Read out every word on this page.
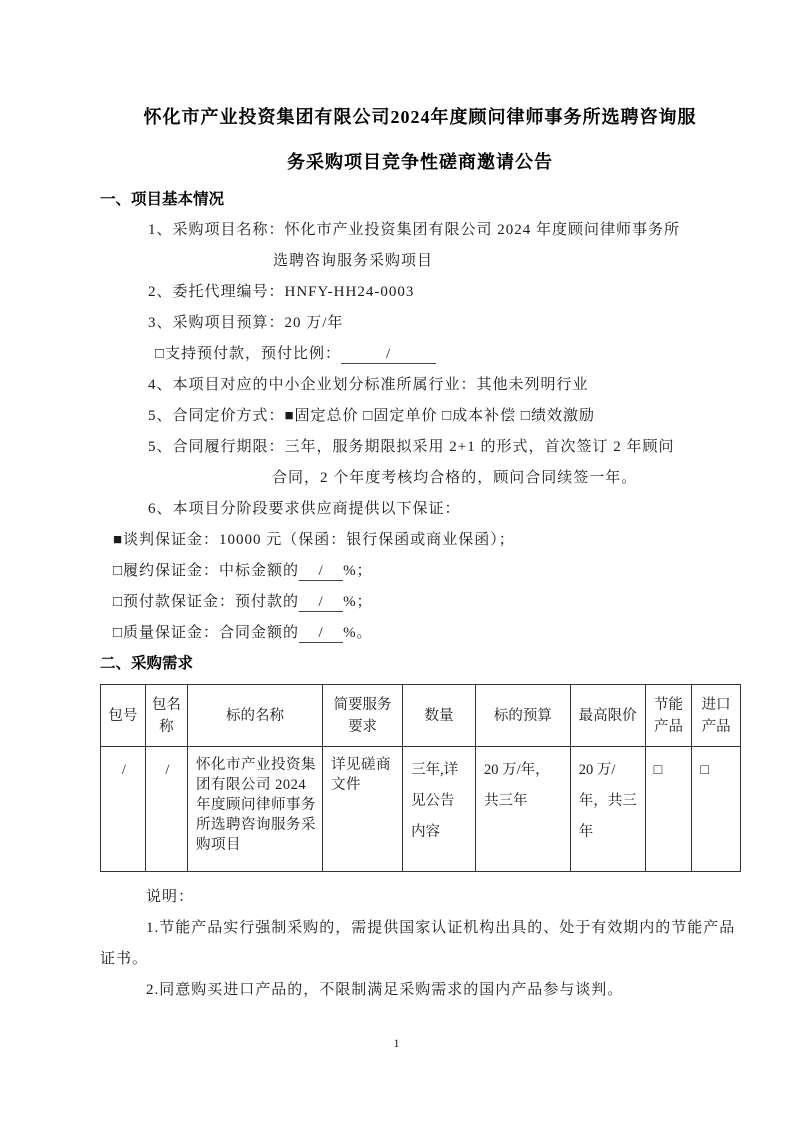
怀化市产业投资集团有限公司2024年度顾问律师事务所选聘咨询服
务采购项目竞争性磋商邀请公告
一、项目基本情况
1、采购项目名称：怀化市产业投资集团有限公司 2024 年度顾问律师事务所
选聘咨询服务采购项目
2、委托代理编号：HNFY-HH24-0003
3、采购项目预算：20 万/年
□支持预付款，预付比例：	/
4、本项目对应的中小企业划分标准所属行业：其他未列明行业
5、合同定价方式：■固定总价 □固定单价 □成本补偿 □绩效激励
5、合同履行期限：三年，服务期限拟采用 2+1 的形式，首次签订 2 年顾问
合同，2 个年度考核均合格的，顾问合同续签一年。
6、本项目分阶段要求供应商提供以下保证：
■谈判保证金：10000 元（保函：银行保函或商业保函）；
□履约保证金：中标金额的 / %；
□预付款保证金：预付款的 / %；
□质量保证金：合同金额的 / %。
二、采购需求
包号	包名称	标的名称	简要服务要求	数量	标的预算	最高限价	节能产品	进口产品
/	/	怀化市产业投资集团有限公司 2024 年度顾问律师事务所选聘咨询服务采购项目	详见磋商文件	三年,详见公告内容	20 万/年，共三年	20 万/年，共三年	□	□
说明：
1.节能产品实行强制采购的，需提供国家认证机构出具的、处于有效期内的节能产品证书。
2.同意购买进口产品的，不限制满足采购需求的国内产品参与谈判。
1
